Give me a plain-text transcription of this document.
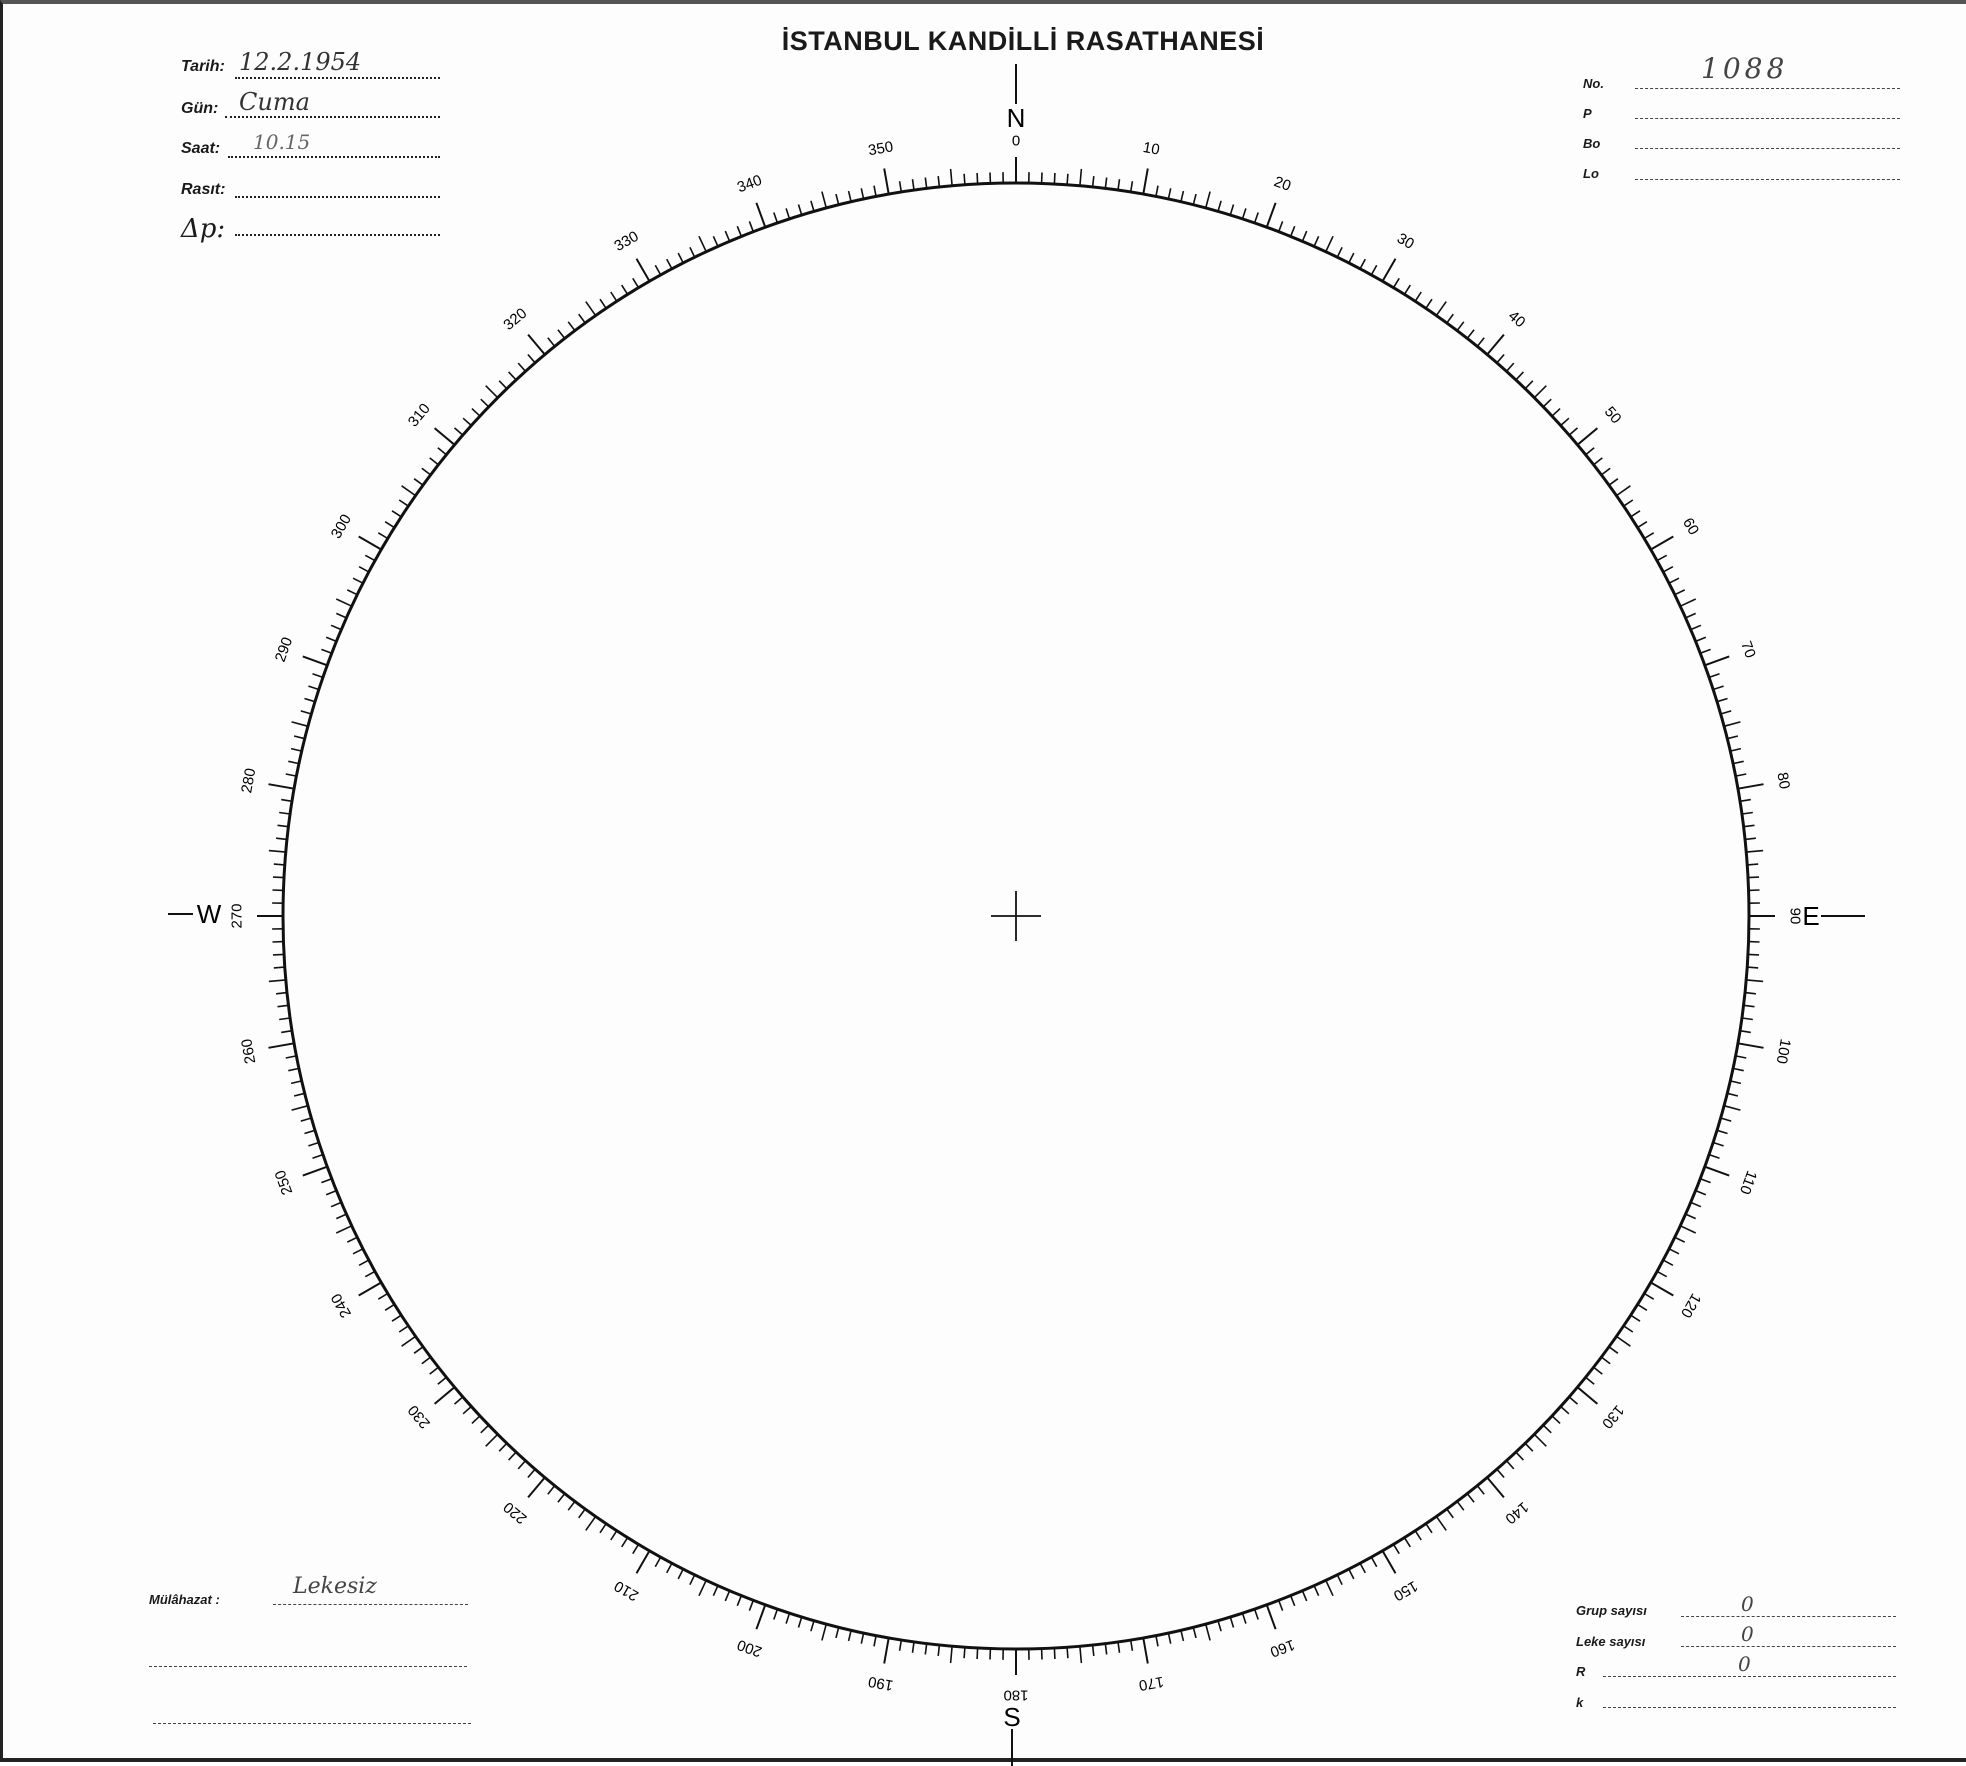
İSTANBUL KANDİLLİ RASATHANESİ
Tarih: 12.2.1954
Gün: Cuma
Saat: 10.15
Rasıt:
Δp:
No.	1088
P
Bo
Lo
Mülâhazat :
Lekesiz
Grup sayısı	0
Leke sayısı	0
R	0
k
0	10
20
30
40
50
60
70
80
90
100
110
120
130
140
150
160
170
180
190
200
210
220
230
240
250
260
270
280
290
300
310
320
330
340
350
N
S
W	E
